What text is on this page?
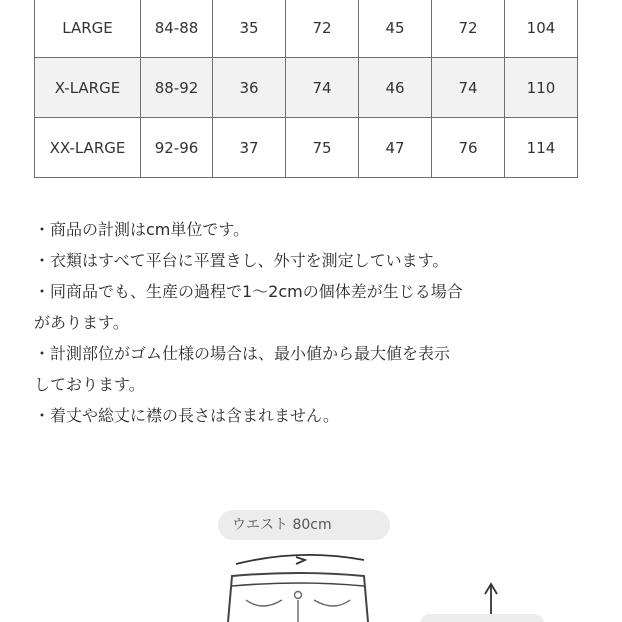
LARGE	84-88	35	72	45	72	104
X-LARGE	88-92	36	74	46	74	110
XX-LARGE	92-96	37	75	47	76	114
・商品の計測はcm単位です。
・衣類はすべて平台に平置きし、外寸を測定しています。
・同商品でも、生産の過程で1〜2cmの個体差が生じる場合
があります。
・計測部位がゴム仕様の場合は、最小値から最大値を表示
しております。
・着丈や総丈に襟の長さは含まれません。
ウエスト 80cm
